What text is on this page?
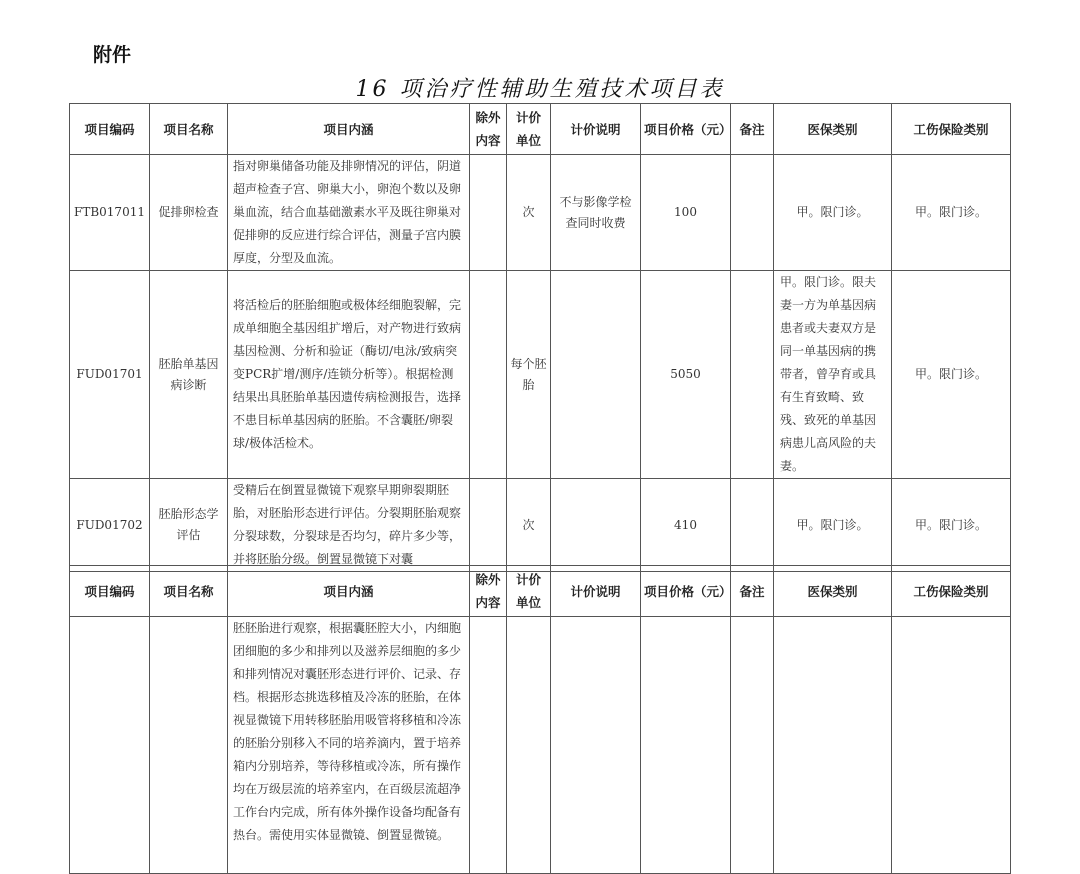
附件
16 项治疗性辅助生殖技术项目表
项目编码	项目名称	项目内涵	除外内容	计价单位	计价说明	项目价格（元）	备注	医保类别	工伤保险类别
FTB017011	促排卵检查	指对卵巢储备功能及排卵情况的评估，阴道超声检查子宫、卵巢大小，卵泡个数以及卵巢血流，结合血基础激素水平及既往卵巢对促排卵的反应进行综合评估，测量子宫内膜厚度，分型及血流。		次	不与影像学检查同时收费	100		甲。限门诊。	甲。限门诊。
FUD01701	胚胎单基因病诊断	将活检后的胚胎细胞或极体经细胞裂解，完成单细胞全基因组扩增后，对产物进行致病基因检测、分析和验证（酶切/电泳/致病突变PCR扩增/测序/连锁分析等）。根据检测结果出具胚胎单基因遗传病检测报告，选择不患目标单基因病的胚胎。不含囊胚/卵裂球/极体活检术。		每个胚胎		5050		甲。限门诊。限夫妻一方为单基因病患者或夫妻双方是同一单基因病的携带者，曾孕育或具有生育致畸、致残、致死的单基因病患儿高风险的夫妻。	甲。限门诊。
FUD01702	胚胎形态学评估	受精后在倒置显微镜下观察早期卵裂期胚胎，对胚胎形态进行评估。分裂期胚胎观察分裂球数，分裂球是否均匀，碎片多少等，并将胚胎分级。倒置显微镜下对囊		次		410		甲。限门诊。	甲。限门诊。
项目编码	项目名称	项目内涵	除外内容	计价单位	计价说明	项目价格（元）	备注	医保类别	工伤保险类别
		胚胚胎进行观察，根据囊胚腔大小，内细胞团细胞的多少和排列以及滋养层细胞的多少和排列情况对囊胚形态进行评价、记录、存档。根据形态挑选移植及冷冻的胚胎，在体视显微镜下用转移胚胎用吸管将移植和冷冻的胚胎分别移入不同的培养滴内，置于培养箱内分别培养，等待移植或冷冻，所有操作均在万级层流的培养室内，在百级层流超净工作台内完成，所有体外操作设备均配备有热台。需使用实体显微镜、倒置显微镜。							
